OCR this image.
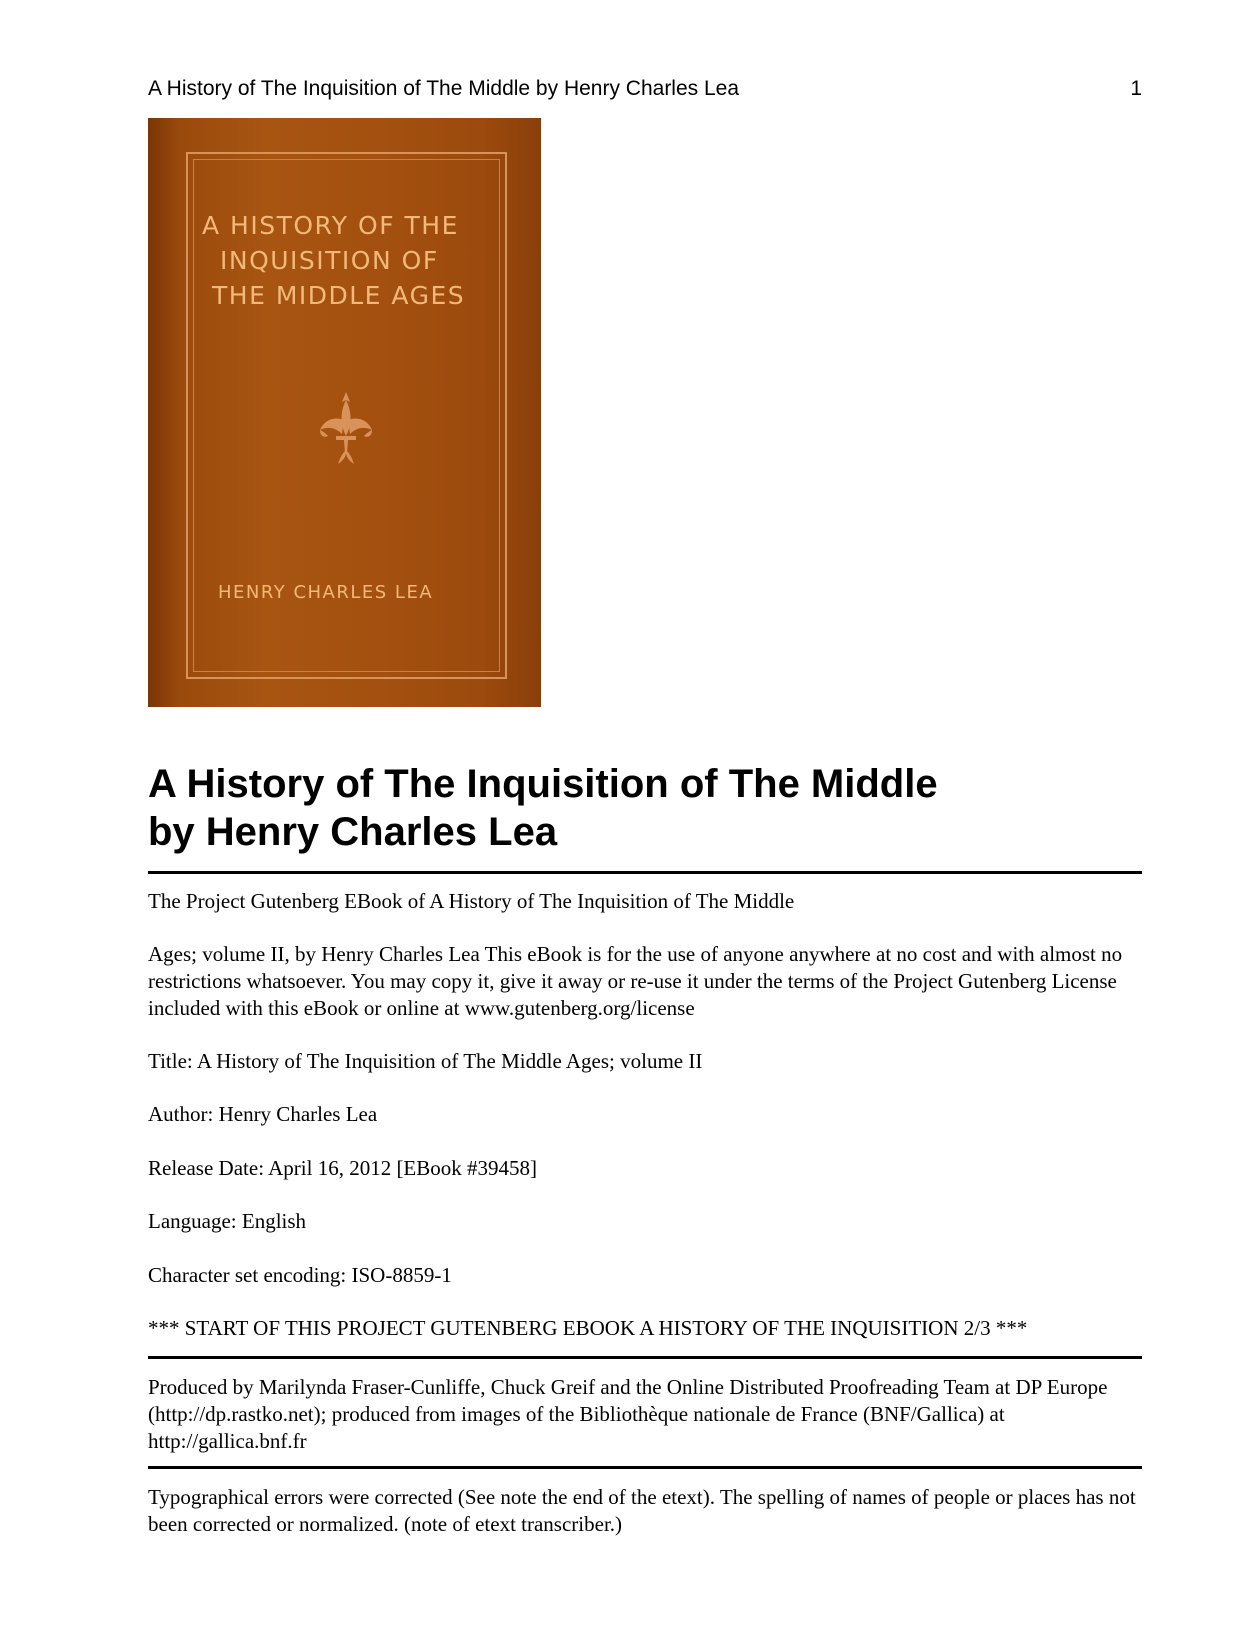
A History of The Inquisition of The Middle by Henry Charles Lea	1
A HISTORY OF THE
INQUISITION OF
THE MIDDLE AGES
HENRY CHARLES LEA
A History of The Inquisition of The Middle
by Henry Charles Lea

The Project Gutenberg EBook of A History of The Inquisition of The Middle

Ages; volume II, by Henry Charles Lea This eBook is for the use of anyone anywhere at no cost and with almost no restrictions whatsoever. You may copy it, give it away or re-use it under the terms of the Project Gutenberg License included with this eBook or online at www.gutenberg.org/license

Title: A History of The Inquisition of The Middle Ages; volume II

Author: Henry Charles Lea

Release Date: April 16, 2012 [EBook #39458]

Language: English

Character set encoding: ISO-8859-1

*** START OF THIS PROJECT GUTENBERG EBOOK A HISTORY OF THE INQUISITION 2/3 ***

Produced by Marilynda Fraser-Cunliffe, Chuck Greif and the Online Distributed Proofreading Team at DP Europe (http://dp.rastko.net); produced from images of the Bibliothèque nationale de France (BNF/Gallica) at http://gallica.bnf.fr

Typographical errors were corrected (See note the end of the etext). The spelling of names of people or places has not been corrected or normalized. (note of etext transcriber.)
